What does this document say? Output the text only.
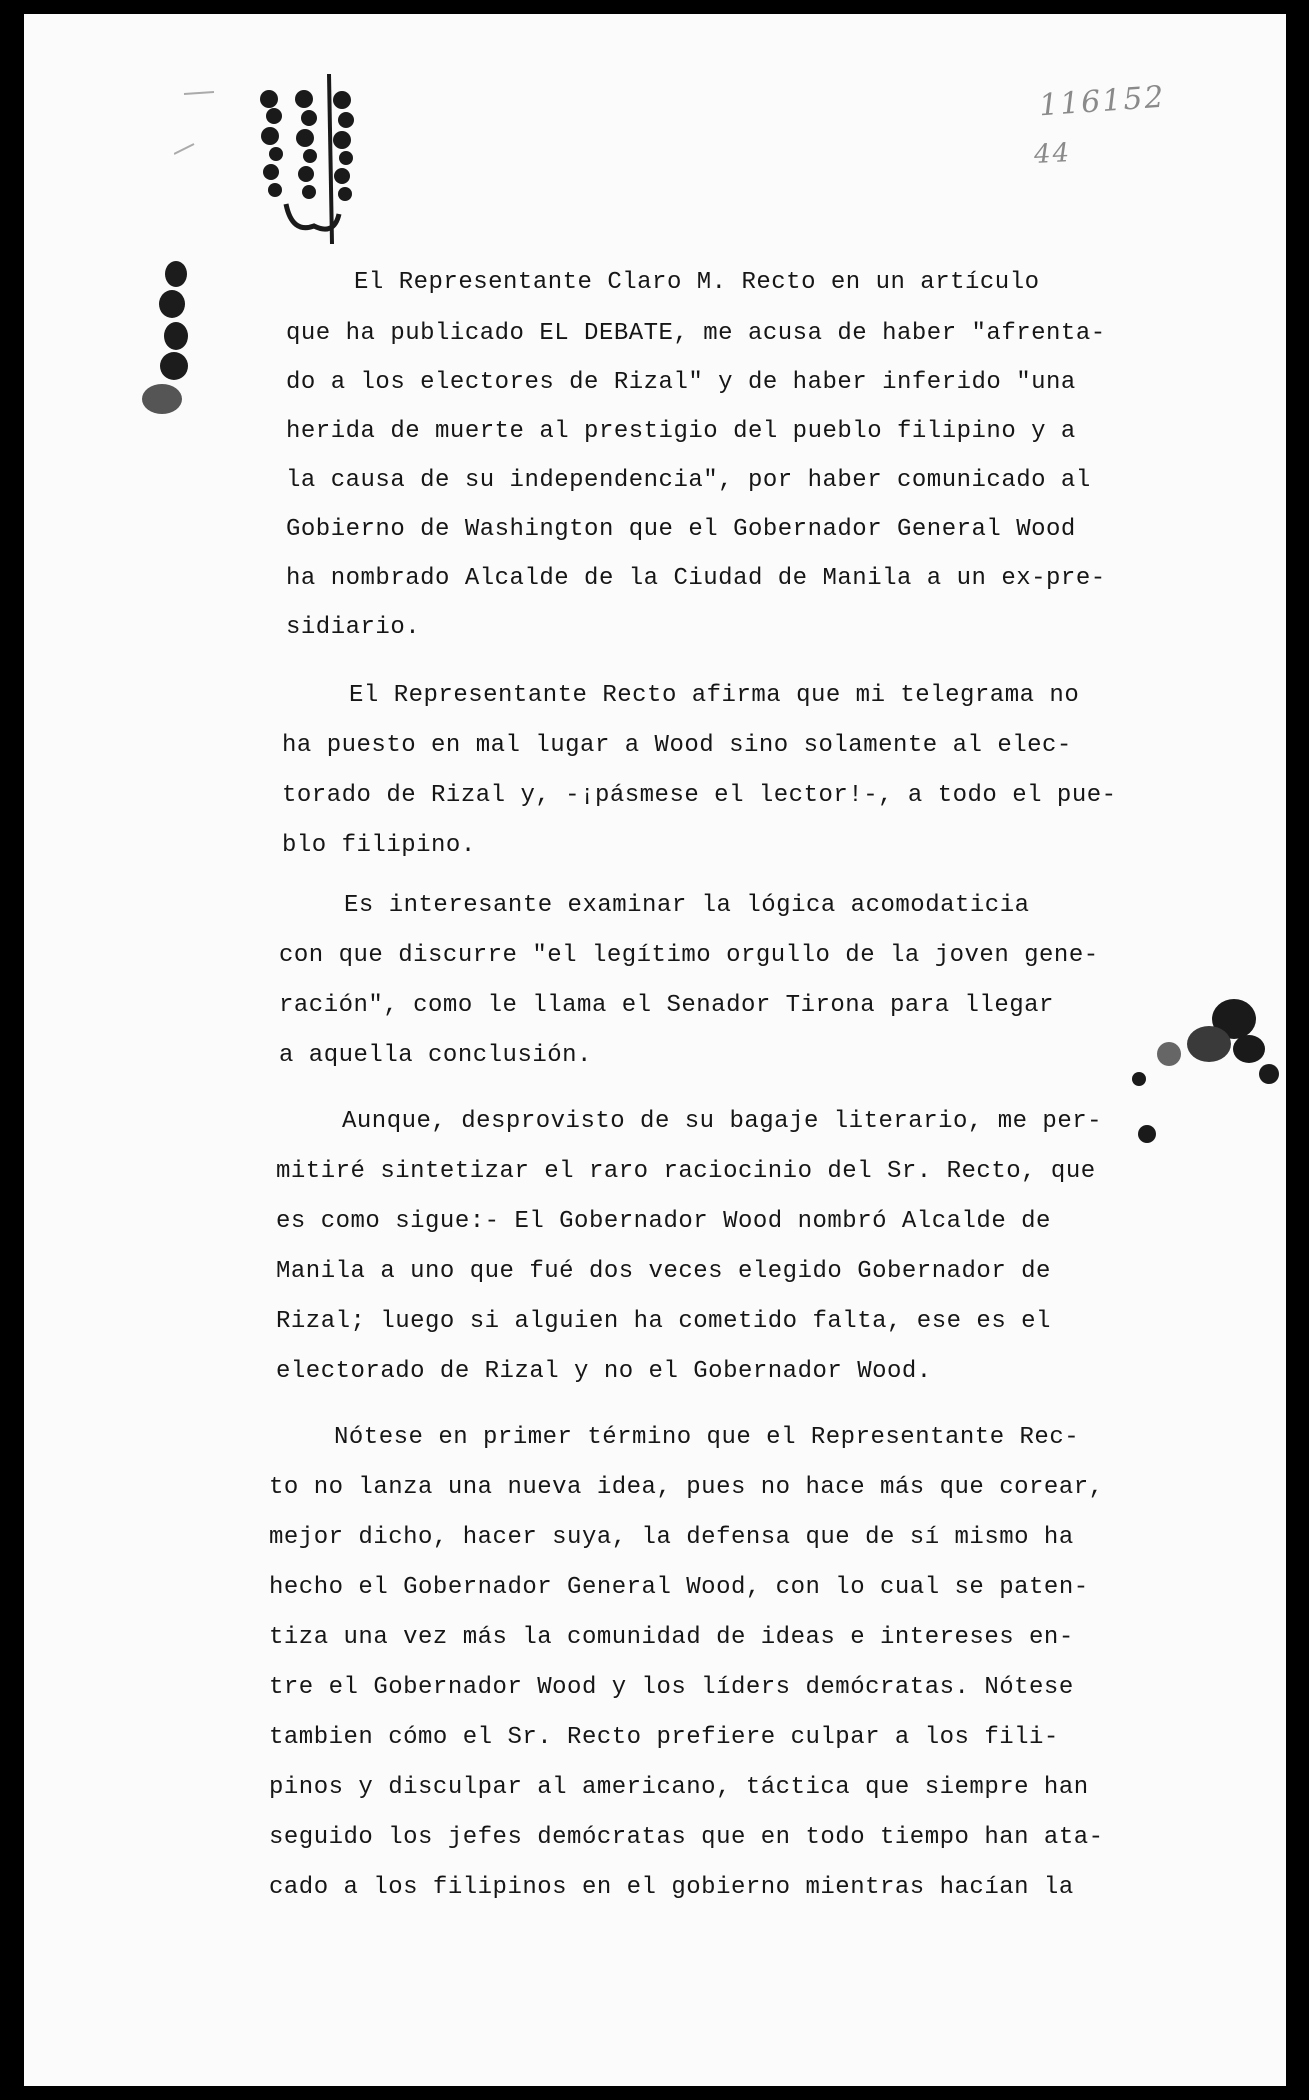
116152
44
El Representante Claro M. Recto en un artículo
que ha publicado EL DEBATE, me acusa de haber "afrenta-
do a los electores de Rizal" y de haber inferido "una
herida de muerte al prestigio del pueblo filipino y a
la causa de su independencia", por haber comunicado al
Gobierno de Washington que el Gobernador General Wood
ha nombrado Alcalde de la Ciudad de Manila a un ex-pre-
sidiario.
El Representante Recto afirma que mi telegrama no
ha puesto en mal lugar a Wood sino solamente al elec-
torado de Rizal y, -¡pásmese el lector!-, a todo el pue-
blo filipino.
Es interesante examinar la lógica acomodaticia
con que discurre "el legítimo orgullo de la joven gene-
ración", como le llama el Senador Tirona para llegar
a aquella conclusión.
Aunque, desprovisto de su bagaje literario, me per-
mitiré sintetizar el raro raciocinio del Sr. Recto, que
es como sigue:- El Gobernador Wood nombró Alcalde de
Manila a uno que fué dos veces elegido Gobernador de
Rizal; luego si alguien ha cometido falta, ese es el
electorado de Rizal y no el Gobernador Wood.
Nótese en primer término que el Representante Rec-
to no lanza una nueva idea, pues no hace más que corear,
mejor dicho, hacer suya, la defensa que de sí mismo ha
hecho el Gobernador General Wood, con lo cual se paten-
tiza una vez más la comunidad de ideas e intereses en-
tre el Gobernador Wood y los líders demócratas. Nótese
tambien cómo el Sr. Recto prefiere culpar a los fili-
pinos y disculpar al americano, táctica que siempre han
seguido los jefes demócratas que en todo tiempo han ata-
cado a los filipinos en el gobierno mientras hacían la
